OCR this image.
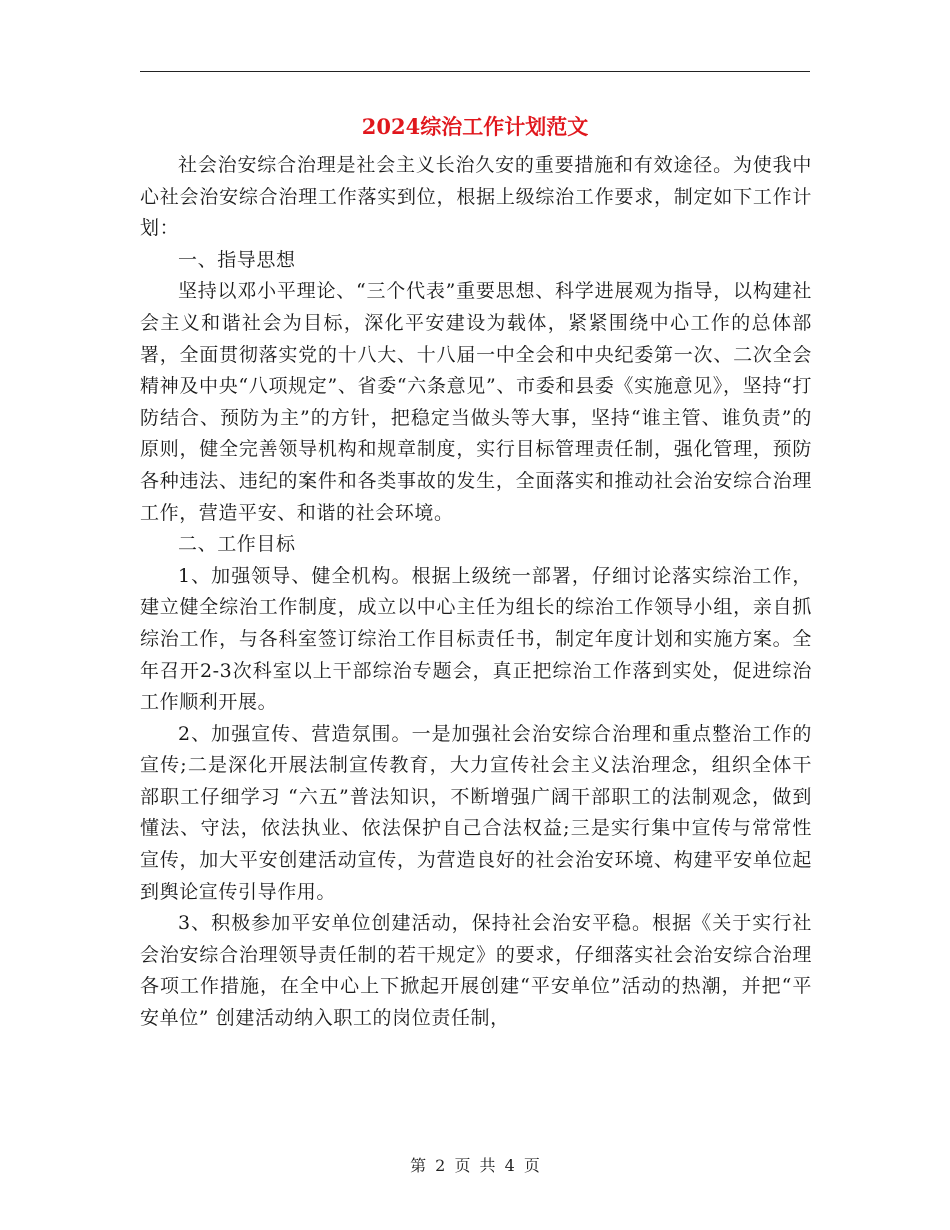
2024综治工作计划范文

社会治安综合治理是社会主义长治久安的重要措施和有效途径。为使我中心社会治安综合治理工作落实到位，根据上级综治工作要求，制定如下工作计划：

一、指导思想

坚持以邓小平理论、“三个代表”重要思想、科学进展观为指导，以构建社会主义和谐社会为目标，深化平安建设为载体，紧紧围绕中心工作的总体部署，全面贯彻落实党的十八大、十八届一中全会和中央纪委第一次、二次全会精神及中央“八项规定”、省委“六条意见”、市委和县委《实施意见》，坚持“打防结合、预防为主”的方针，把稳定当做头等大事，坚持“谁主管、谁负责”的原则，健全完善领导机构和规章制度，实行目标管理责任制，强化管理，预防各种违法、违纪的案件和各类事故的发生，全面落实和推动社会治安综合治理工作，营造平安、和谐的社会环境。

二、工作目标

1、加强领导、健全机构。根据上级统一部署，仔细讨论落实综治工作，建立健全综治工作制度，成立以中心主任为组长的综治工作领导小组，亲自抓综治工作，与各科室签订综治工作目标责任书，制定年度计划和实施方案。全年召开2-3次科室以上干部综治专题会，真正把综治工作落到实处，促进综治工作顺利开展。

2、加强宣传、营造氛围。一是加强社会治安综合治理和重点整治工作的宣传;二是深化开展法制宣传教育，大力宣传社会主义法治理念，组织全体干部职工仔细学习 “六五”普法知识，不断增强广阔干部职工的法制观念，做到懂法、守法，依法执业、依法保护自己合法权益;三是实行集中宣传与常常性宣传，加大平安创建活动宣传，为营造良好的社会治安环境、构建平安单位起到舆论宣传引导作用。

3、积极参加平安单位创建活动，保持社会治安平稳。根据《关于实行社会治安综合治理领导责任制的若干规定》的要求，仔细落实社会治安综合治理各项工作措施，在全中心上下掀起开展创建“平安单位”活动的热潮，并把“平安单位” 创建活动纳入职工的岗位责任制，

第 2 页 共 4 页
